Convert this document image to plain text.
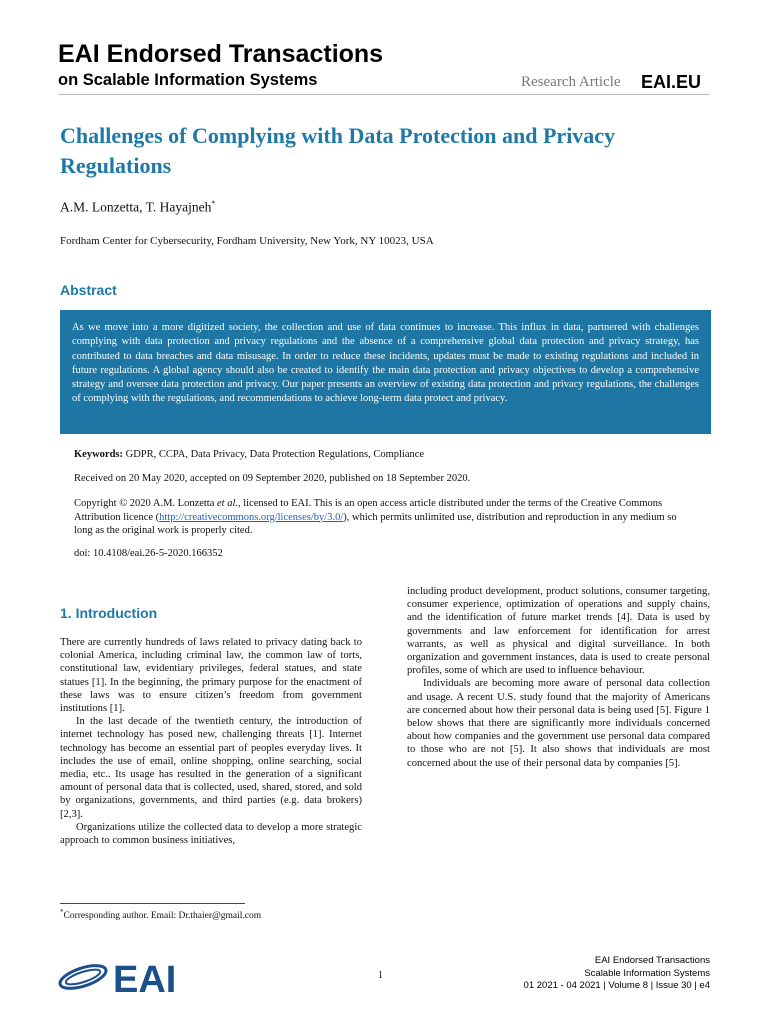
EAI Endorsed Transactions
on Scalable Information Systems	Research Article EAI.EU
Challenges of Complying with Data Protection and Privacy Regulations
A.M. Lonzetta, T. Hayajneh*
Fordham Center for Cybersecurity, Fordham University, New York, NY 10023, USA
Abstract
As we move into a more digitized society, the collection and use of data continues to increase. This influx in data, partnered with challenges complying with data protection and privacy regulations and the absence of a comprehensive global data protection and privacy strategy, has contributed to data breaches and data misusage. In order to reduce these incidents, updates must be made to existing regulations and included in future regulations. A global agency should also be created to identify the main data protection and privacy objectives to develop a comprehensive strategy and oversee data protection and privacy. Our paper presents an overview of existing data protection and privacy regulations, the challenges of complying with the regulations, and recommendations to achieve long-term data protect and privacy.
Keywords: GDPR, CCPA, Data Privacy, Data Protection Regulations, Compliance
Received on 20 May 2020, accepted on 09 September 2020, published on 18 September 2020.
Copyright © 2020 A.M. Lonzetta et al., licensed to EAI. This is an open access article distributed under the terms of the Creative Commons Attribution licence (http://creativecommons.org/licenses/by/3.0/), which permits unlimited use, distribution and reproduction in any medium so long as the original work is properly cited.
doi: 10.4108/eai.26-5-2020.166352
1. Introduction

There are currently hundreds of laws related to privacy dating back to colonial America, including criminal law, the common law of torts, constitutional law, evidentiary privileges, federal statues, and state statues [1]. In the beginning, the primary purpose for the enactment of these laws was to ensure citizen’s freedom from government institutions [1].

In the last decade of the twentieth century, the introduction of internet technology has posed new, challenging threats [1]. Internet technology has become an essential part of peoples everyday lives. It includes the use of email, online shopping, online searching, social media, etc.. Its usage has resulted in the generation of a significant amount of personal data that is collected, used, shared, stored, and sold by organizations, governments, and third parties (e.g. data brokers) [2,3].

Organizations utilize the collected data to develop a more strategic approach to common business initiatives,

including product development, product solutions, consumer targeting, consumer experience, optimization of operations and supply chains, and the identification of future market trends [4]. Data is used by governments and law enforcement for identification for arrest warrants, as well as physical and digital surveillance. In both organization and government instances, data is used to create personal profiles, some of which are used to influence behaviour.

Individuals are becoming more aware of personal data collection and usage. A recent U.S. study found that the majority of Americans are concerned about how their personal data is being used [5]. Figure 1 below shows that there are significantly more individuals concerned about how companies and the government use personal data compared to those who are not [5]. It also shows that individuals are most concerned about the use of their personal data by companies [5].

*Corresponding author. Email: Dr.thaier@gmail.com
EAI	1
EAI Endorsed Transactions
Scalable Information Systems
01 2021 - 04 2021 | Volume 8 | Issue 30 | e4
